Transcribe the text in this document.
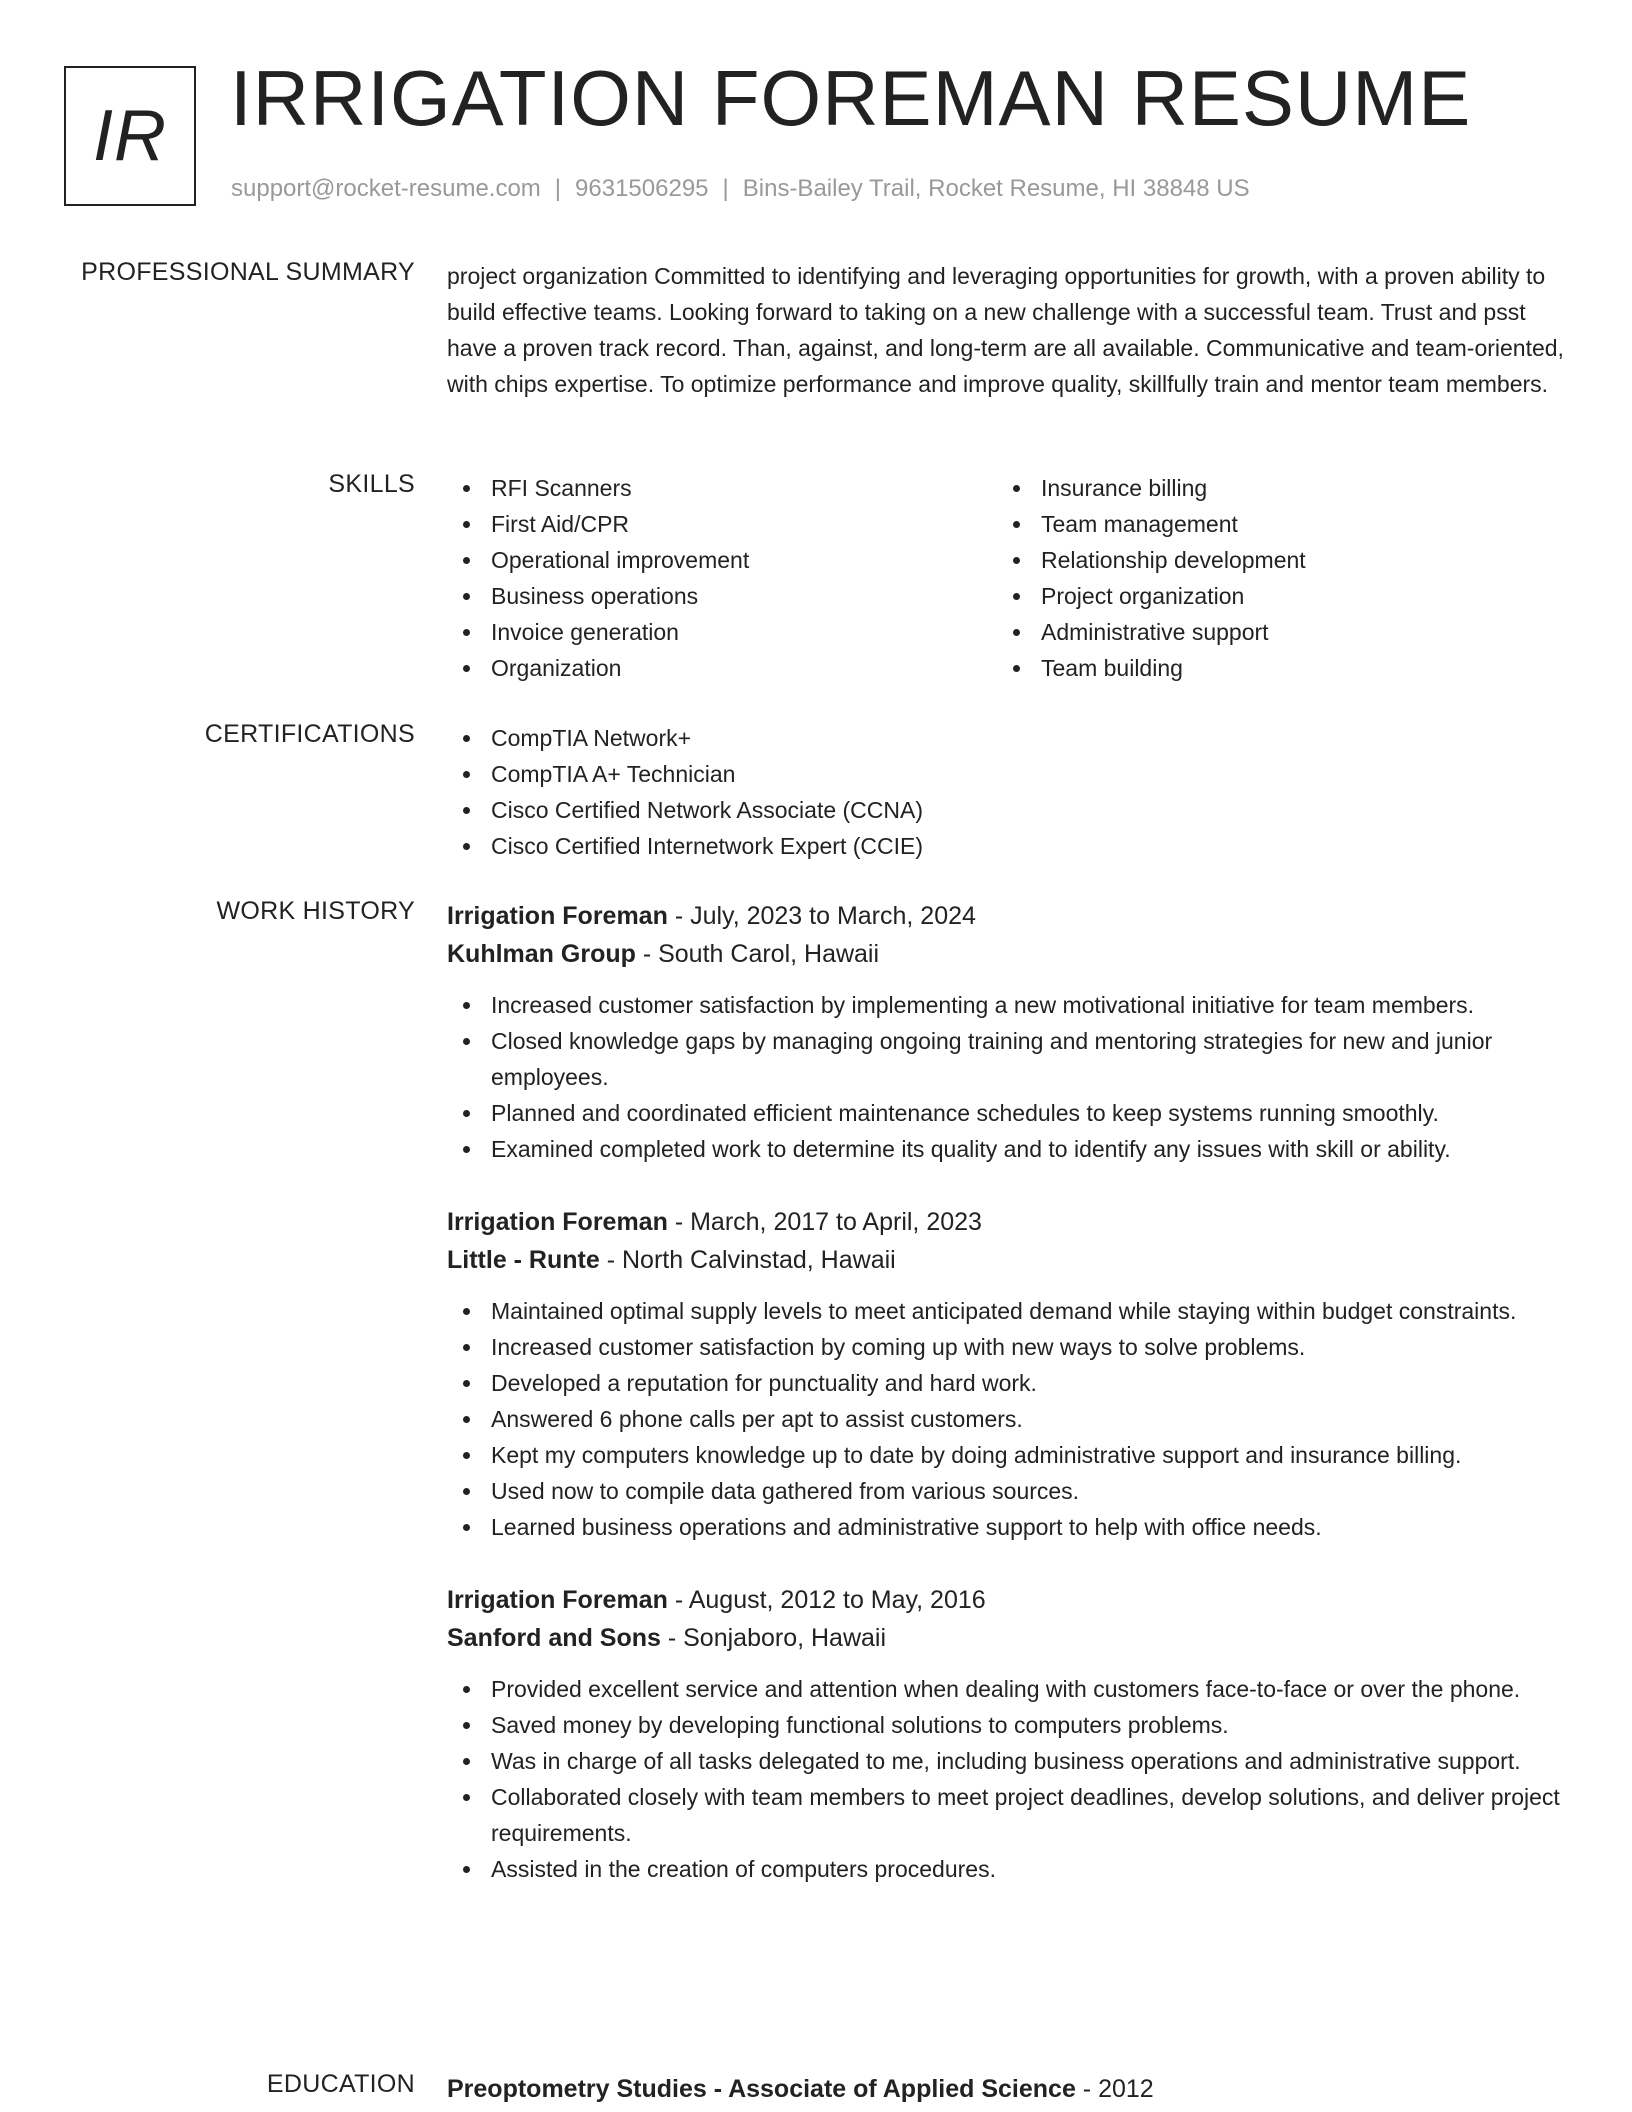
IR IRRIGATION FOREMAN RESUME
support@rocket-resume.com | 9631506295 | Bins-Bailey Trail, Rocket Resume, HI 38848 US
PROFESSIONAL SUMMARY project organization Committed to identifying and leveraging opportunities for growth, with a proven ability to build effective teams. Looking forward to taking on a new challenge with a successful team. Trust and psst have a proven track record. Than, against, and long-term are all available. Communicative and team-oriented, with chips expertise. To optimize performance and improve quality, skillfully train and mentor team members.

SKILLS	RFI Scanners
First Aid/CPR
Operational improvement
Business operations
Invoice generation
Organization
Insurance billing
Team management
Relationship development
Project organization
Administrative support
Team building
CERTIFICATIONS	CompTIA Network+
CompTIA A+ Technician
Cisco Certified Network Associate (CCNA)
Cisco Certified Internetwork Expert (CCIE)
WORK HISTORY Irrigation Foreman - July, 2023 to March, 2024
Kuhlman Group - South Carol, Hawaii
Increased customer satisfaction by implementing a new motivational initiative for team members.
Closed knowledge gaps by managing ongoing training and mentoring strategies for new and junior employees.
Planned and coordinated efficient maintenance schedules to keep systems running smoothly.
Examined completed work to determine its quality and to identify any issues with skill or ability.
Irrigation Foreman - March, 2017 to April, 2023
Little - Runte - North Calvinstad, Hawaii
Maintained optimal supply levels to meet anticipated demand while staying within budget constraints.
Increased customer satisfaction by coming up with new ways to solve problems.
Developed a reputation for punctuality and hard work.
Answered 6 phone calls per apt to assist customers.
Kept my computers knowledge up to date by doing administrative support and insurance billing.
Used now to compile data gathered from various sources.
Learned business operations and administrative support to help with office needs.
Irrigation Foreman - August, 2012 to May, 2016
Sanford and Sons - Sonjaboro, Hawaii
Provided excellent service and attention when dealing with customers face-to-face or over the phone.
Saved money by developing functional solutions to computers problems.
Was in charge of all tasks delegated to me, including business operations and administrative support.
Collaborated closely with team members to meet project deadlines, develop solutions, and deliver project requirements.
Assisted in the creation of computers procedures.
EDUCATION Preoptometry Studies - Associate of Applied Science - 2012
